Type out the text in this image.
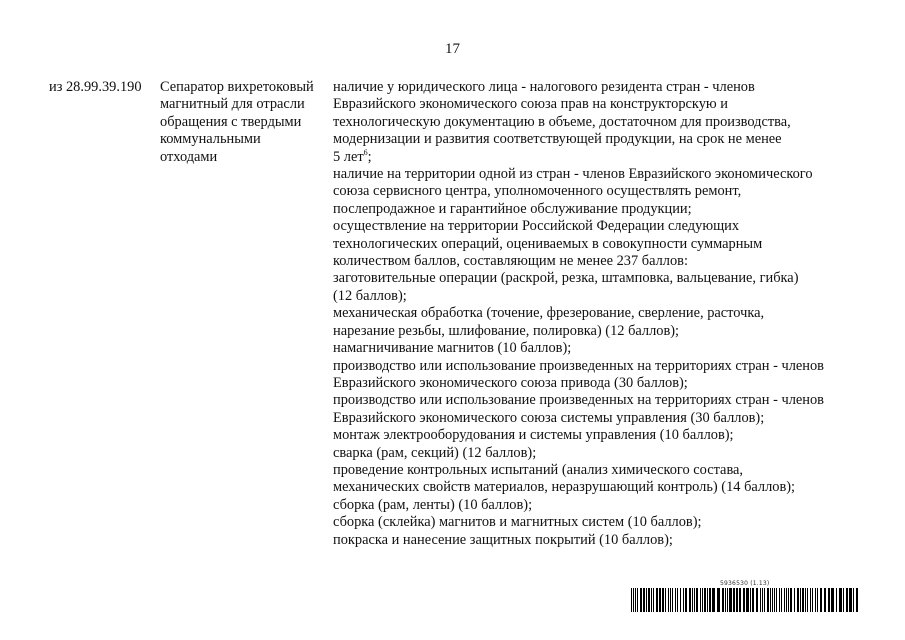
17
из 28.99.39.190	Сепаратор вихретоковый магнитный для отрасли обращения с твердыми коммунальными отходами
наличие у юридического лица - налогового резидента стран - членов
Евразийского экономического союза прав на конструкторскую и
технологическую документацию в объеме, достаточном для производства,
модернизации и развития соответствующей продукции, на срок не менее
5 лет$^6$;
наличие на территории одной из стран - членов Евразийского экономического
союза сервисного центра, уполномоченного осуществлять ремонт,
послепродажное и гарантийное обслуживание продукции;
осуществление на территории Российской Федерации следующих
технологических операций, оцениваемых в совокупности суммарным
количеством баллов, составляющим не менее 237 баллов:
заготовительные операции (раскрой, резка, штамповка, вальцевание, гибка)
(12 баллов);
механическая обработка (точение, фрезерование, сверление, расточка,
нарезание резьбы, шлифование, полировка) (12 баллов);
намагничивание магнитов (10 баллов);
производство или использование произведенных на территориях стран - членов
Евразийского экономического союза привода (30 баллов);
производство или использование произведенных на территориях стран - членов
Евразийского экономического союза системы управления (30 баллов);
монтаж электрооборудования и системы управления (10 баллов);
сварка (рам, секций) (12 баллов);
проведение контрольных испытаний (анализ химического состава,
механических свойств материалов, неразрушающий контроль) (14 баллов);
сборка (рам, ленты) (10 баллов);
сборка (склейка) магнитов и магнитных систем (10 баллов);
покраска и нанесение защитных покрытий (10 баллов);
5936530 (1.13)
